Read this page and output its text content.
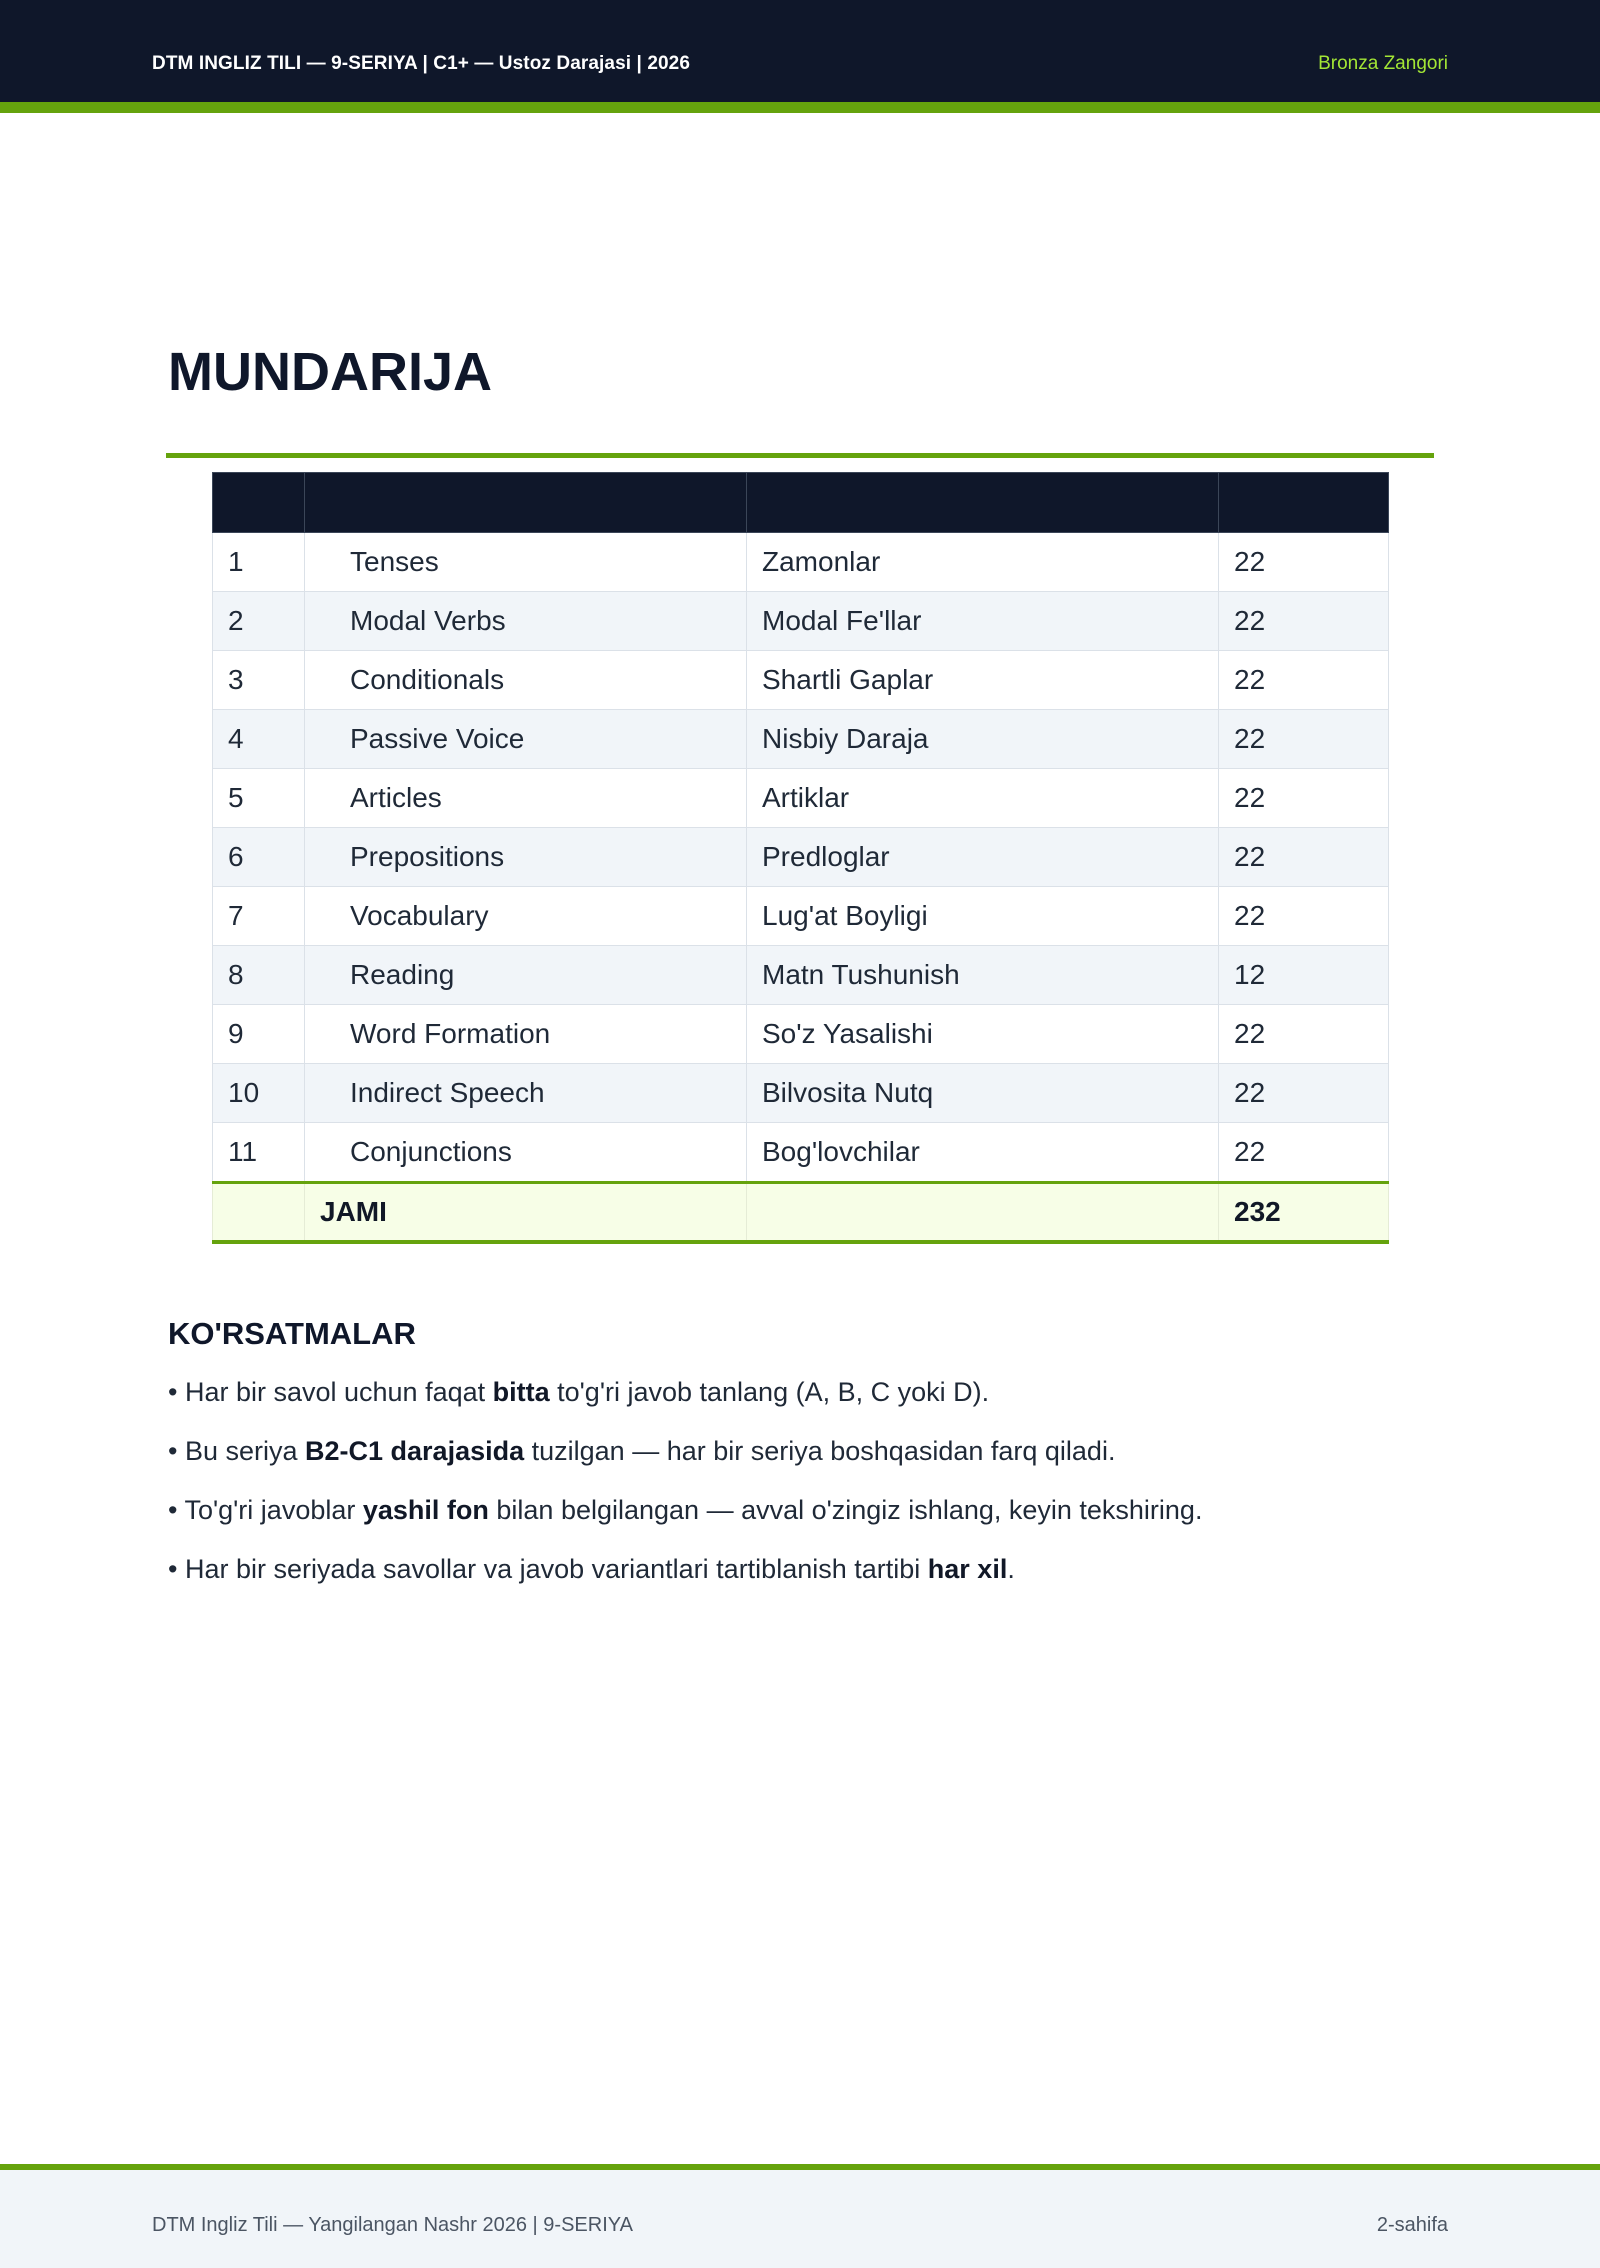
DTM INGLIZ TILI — 9-SERIYA | C1+ — Ustoz Darajasi | 2026	Bronza Zangori
MUNDARIJA

1	Tenses	Zamonlar	22
2	Modal Verbs	Modal Fe'llar	22
3	Conditionals	Shartli Gaplar	22
4	Passive Voice	Nisbiy Daraja	22
5	Articles	Artiklar	22
6	Prepositions	Predloglar	22
7	Vocabulary	Lug'at Boyligi	22
8	Reading	Matn Tushunish	12
9	Word Formation	So'z Yasalishi	22
10	Indirect Speech	Bilvosita Nutq	22
11	Conjunctions	Bog'lovchilar	22
	JAMI		232
KO'RSATMALAR
• Har bir savol uchun faqat bitta to'g'ri javob tanlang (A, B, C yoki D).
• Bu seriya B2-C1 darajasida tuzilgan — har bir seriya boshqasidan farq qiladi.
• To'g'ri javoblar yashil fon bilan belgilangan — avval o'zingiz ishlang, keyin tekshiring.
• Har bir seriyada savollar va javob variantlari tartiblanish tartibi har xil.
DTM Ingliz Tili — Yangilangan Nashr 2026 | 9-SERIYA	2-sahifa
